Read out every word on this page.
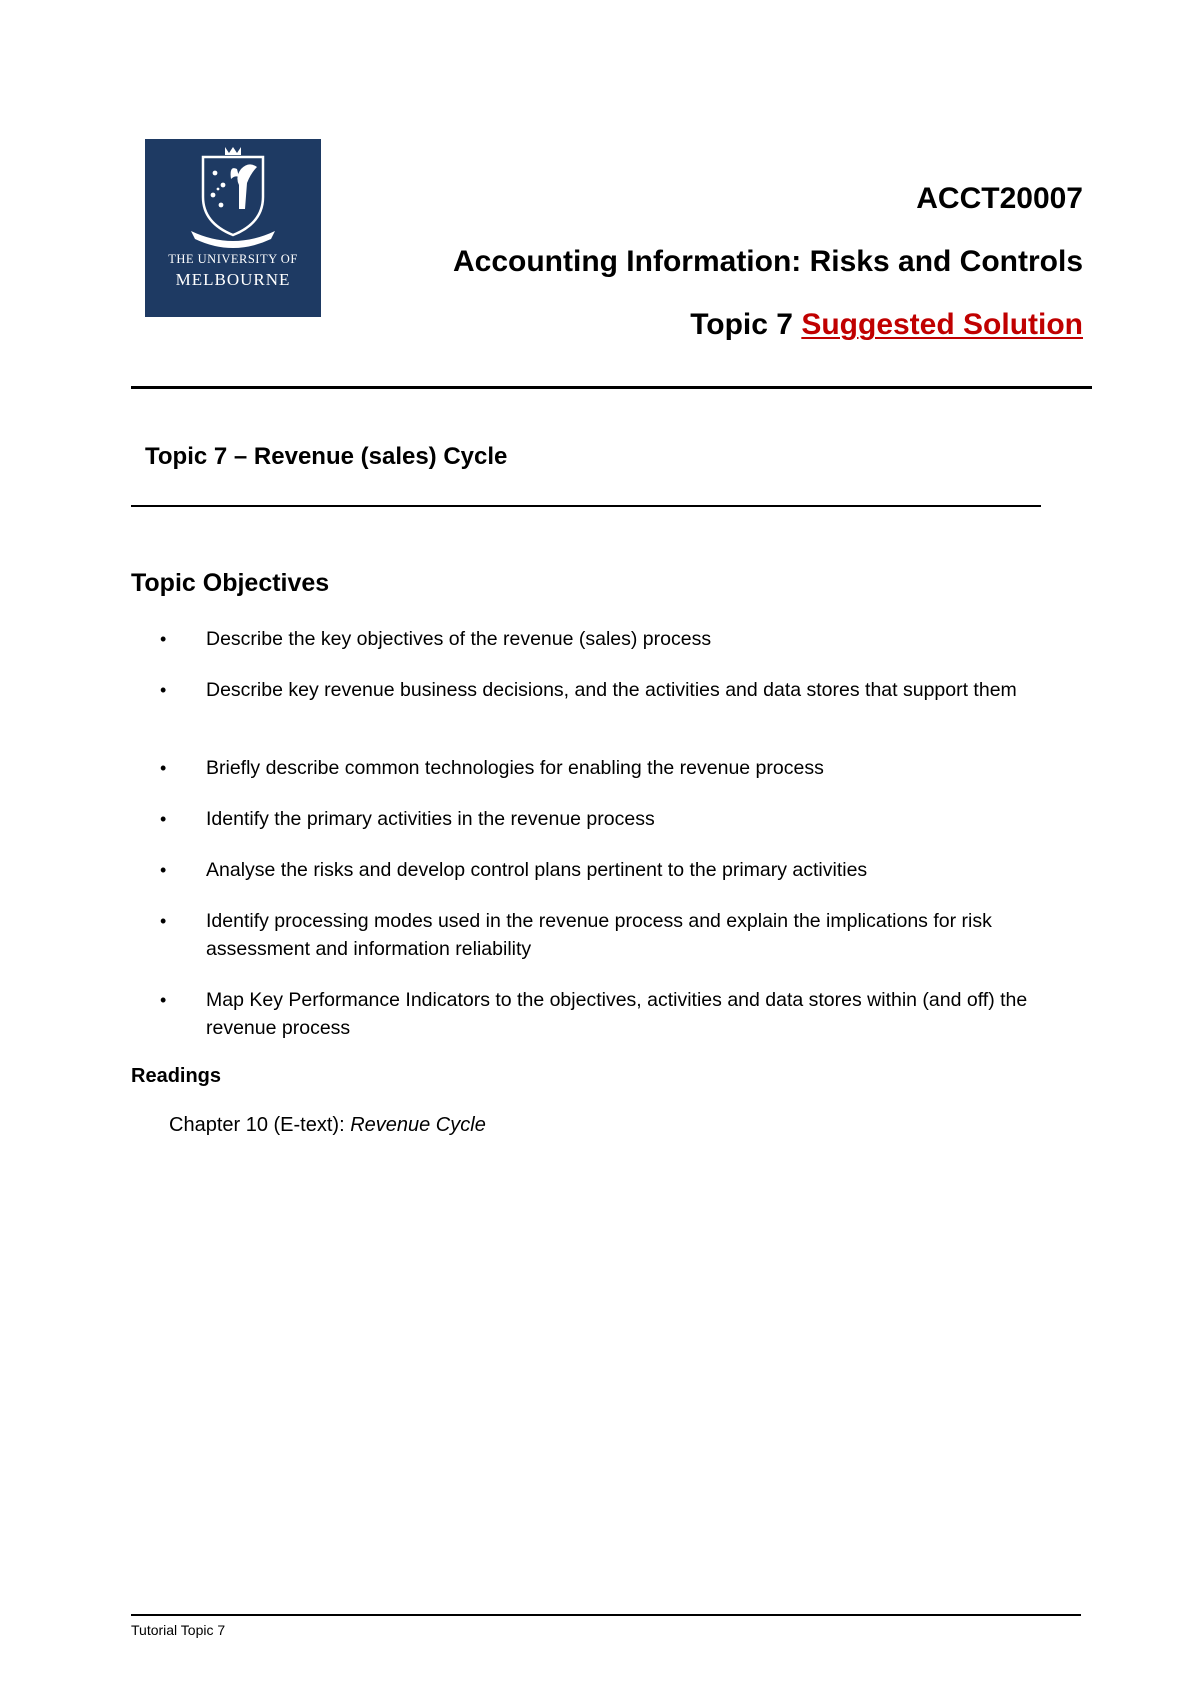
THE UNIVERSITY OF
MELBOURNE
ACCT20007
Accounting Information: Risks and Controls
Topic 7 Suggested Solution
Topic 7 – Revenue (sales) Cycle
Topic Objectives
• Describe the key objectives of the revenue (sales) process
• Describe key revenue business decisions, and the activities and data stores that support them
• Briefly describe common technologies for enabling the revenue process
• Identify the primary activities in the revenue process
• Analyse the risks and develop control plans pertinent to the primary activities
• Identify processing modes used in the revenue process and explain the implications for risk assessment and information reliability
• Map Key Performance Indicators to the objectives, activities and data stores within (and off) the revenue process
Readings
Chapter 10 (E-text): Revenue Cycle
Tutorial Topic 7
